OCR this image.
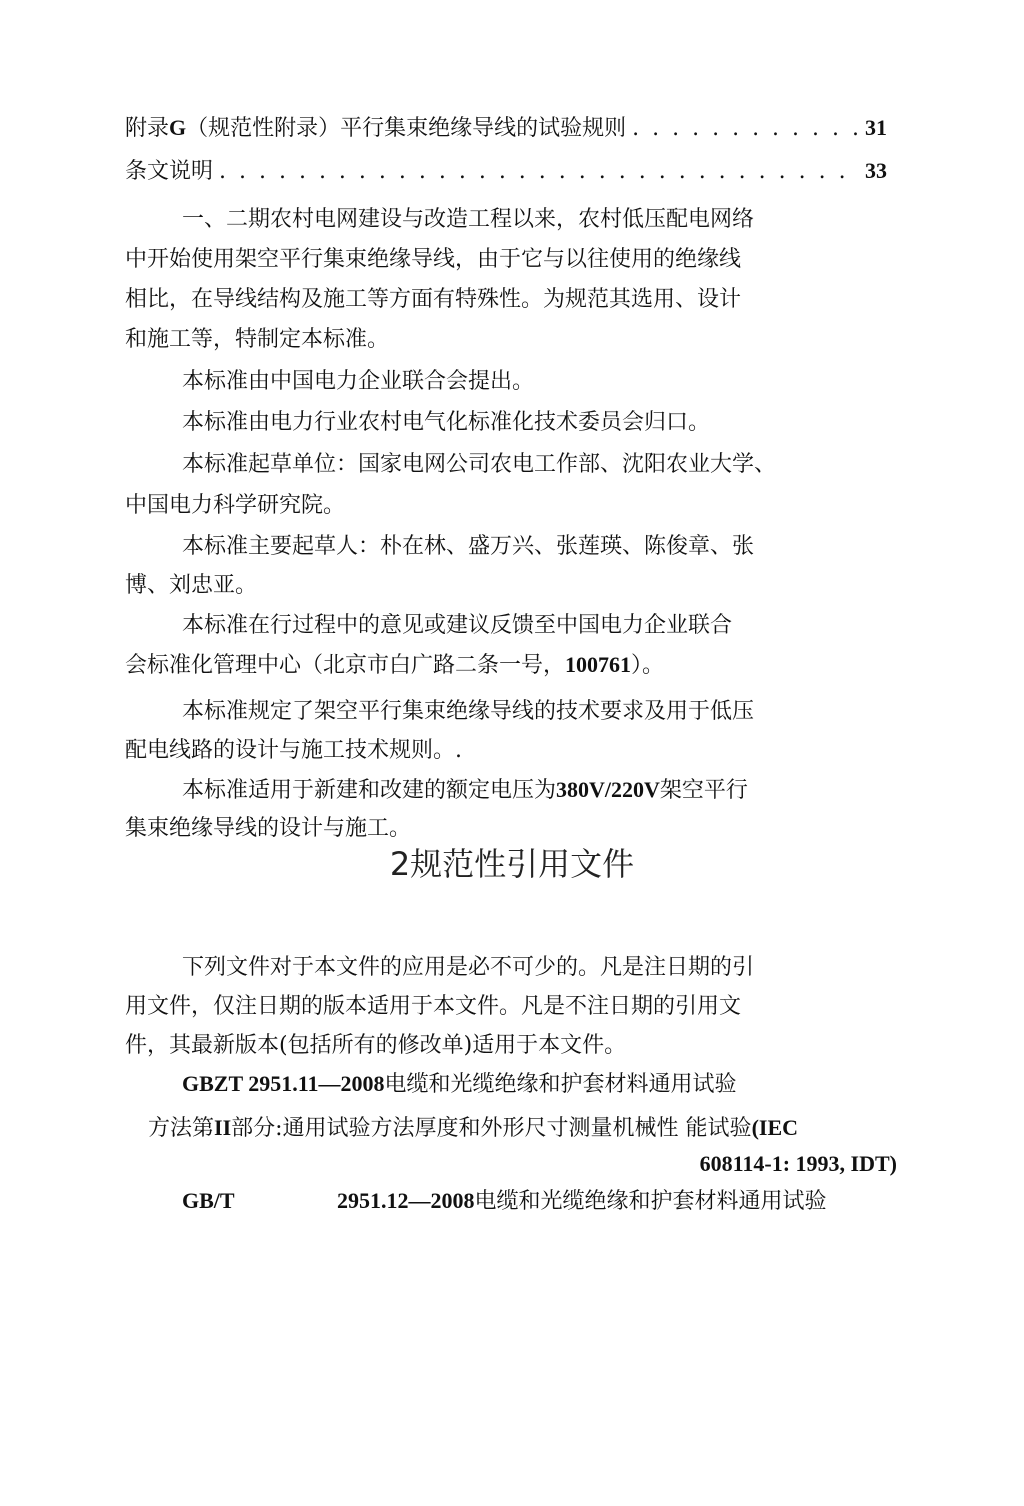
附录G（规范性附录）平行集束绝缘导线的试验规则 . . .	31
条文说明 . . .	33
一、二期农村电网建设与改造工程以来，农村低压配电网络
中开始使用架空平行集束绝缘导线，由于它与以往使用的绝缘线
相比，在导线结构及施工等方面有特殊性。为规范其选用、设计
和施工等，特制定本标准。
本标准由中国电力企业联合会提出。
本标准由电力行业农村电气化标准化技术委员会归口。
本标准起草单位：国家电网公司农电工作部、沈阳农业大学、
中国电力科学研究院。
本标准主要起草人：朴在林、盛万兴、张莲瑛、陈俊章、张
博、刘忠亚。
本标准在行过程中的意见或建议反馈至中国电力企业联合
会标准化管理中心（北京市白广路二条一号，100761）。
本标准规定了架空平行集束绝缘导线的技术要求及用于低压
配电线路的设计与施工技术规则。.
本标准适用于新建和改建的额定电压为380V/220V架空平行
集束绝缘导线的设计与施工。
2规范性引用文件
下列文件对于本文件的应用是必不可少的。凡是注日期的引
用文件，仅注日期的版本适用于本文件。凡是不注日期的引用文
件，其最新版本(包括所有的修改单)适用于本文件。
GBZT 2951.11—2008电缆和光缆绝缘和护套材料通用试验
方法第II部分:通用试验方法厚度和外形尺寸测量机械性 能试验(IEC
608114-1: 1993, IDT)
GB/T	2951.12—2008电缆和光缆绝缘和护套材料通用试验
